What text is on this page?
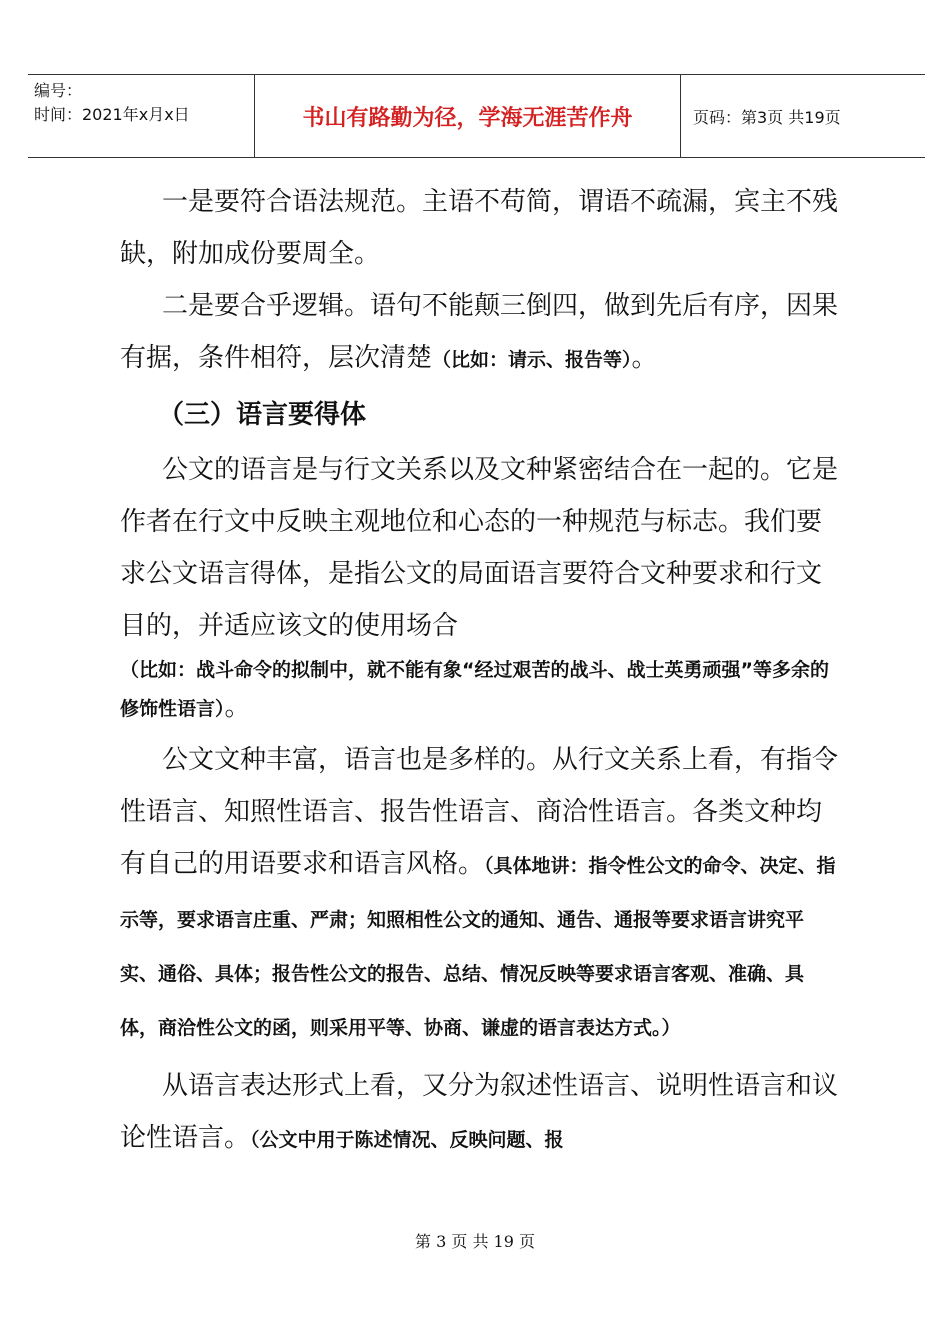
编号：
时间：2021年x月x日	书山有路勤为径，学海无涯苦作舟	页码：第3页 共19页

一是要符合语法规范。主语不苟简，谓语不疏漏，宾主不残缺，附加成份要周全。

二是要合乎逻辑。语句不能颠三倒四，做到先后有序，因果有据，条件相符，层次清楚（比如：请示、报告等）。

（三）语言要得体

公文的语言是与行文关系以及文种紧密结合在一起的。它是作者在行文中反映主观地位和心态的一种规范与标志。我们要求公文语言得体，是指公文的局面语言要符合文种要求和行文目的，并适应该文的使用场合

（比如：战斗命令的拟制中，就不能有象“经过艰苦的战斗、战士英勇顽强”等多余的修饰性语言）。

公文文种丰富，语言也是多样的。从行文关系上看，有指令性语言、知照性语言、报告性语言、商洽性语言。各类文种均有自己的用语要求和语言风格。（具体地讲：指令性公文的命令、决定、指示等，要求语言庄重、严肃；知照相性公文的通知、通告、通报等要求语言讲究平实、通俗、具体；报告性公文的报告、总结、情况反映等要求语言客观、准确、具体，商洽性公文的函，则采用平等、协商、谦虚的语言表达方式。）

从语言表达形式上看，又分为叙述性语言、说明性语言和议论性语言。（公文中用于陈述情况、反映问题、报

第 3 页 共 19 页
